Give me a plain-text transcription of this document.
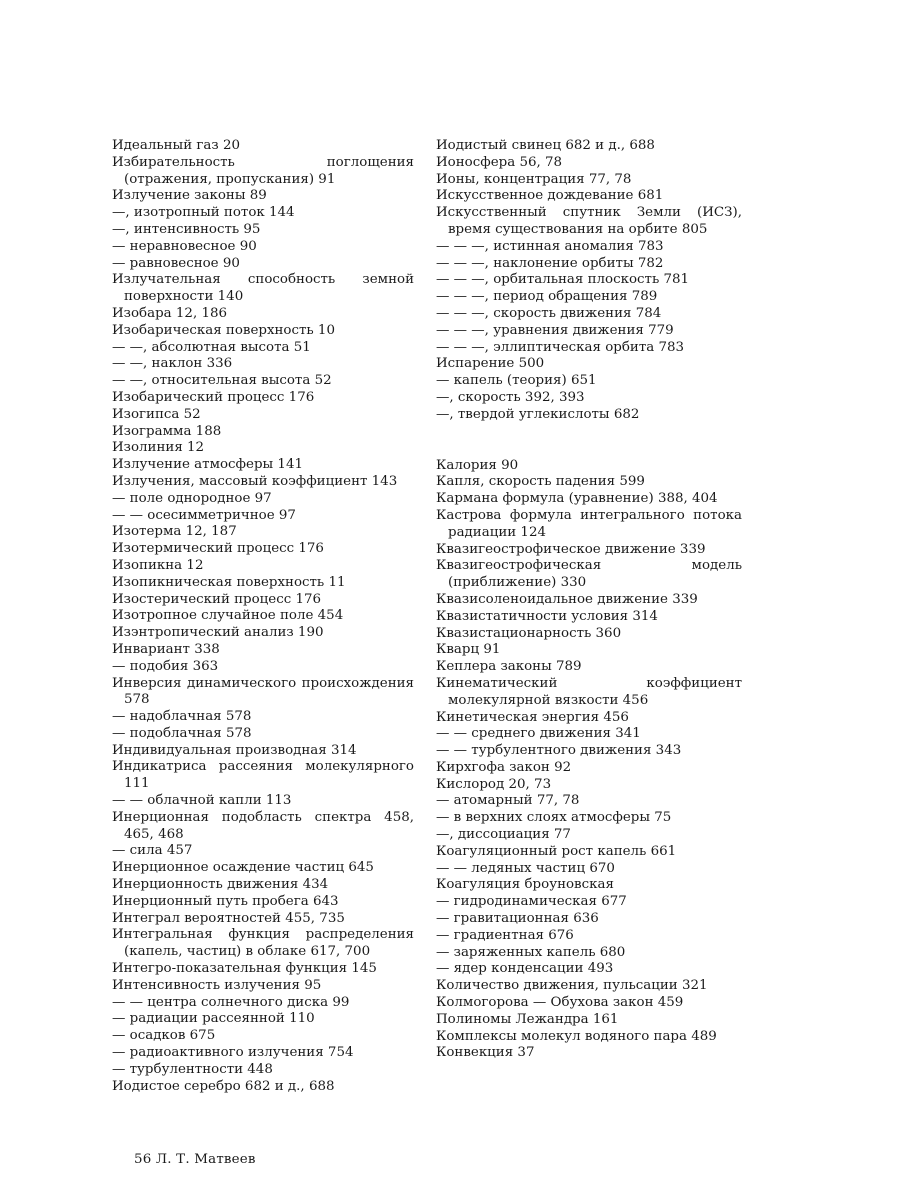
Идеальный газ 20
Избирательность поглощения (отражения, пропускания) 91
Излучение законы 89
—, изотропный поток 144
—, интенсивность 95
— неравновесное 90
— равновесное 90
Излучательная способность земной поверхности 140
Изобара 12, 186
Изобарическая поверхность 10
— —, абсолютная высота 51
— —, наклон 336
— —, относительная высота 52
Изобарический процесс 176
Изогипса 52
Изограмма 188
Изолиния 12
Излучение атмосферы 141
Излучения, массовый коэффициент 143
— поле однородное 97
— — осесимметричное 97
Изотерма 12, 187
Изотермический процесс 176
Изопикна 12
Изопикническая поверхность 11
Изостерический процесс 176
Изотропное случайное поле 454
Изэнтропический анализ 190
Инвариант 338
— подобия 363
Инверсия динамического происхождения 578
— надоблачная 578
— подоблачная 578
Индивидуальная производная 314
Индикатриса рассеяния молекулярного 111
— — облачной капли 113
Инерционная подобласть спектра 458, 465, 468
— сила 457
Инерционное осаждение частиц 645
Инерционность движения 434
Инерционный путь пробега 643
Интеграл вероятностей 455, 735
Интегральная функция распределения (капель, частиц) в облаке 617, 700
Интегро-показательная функция 145
Интенсивность излучения 95
— — центра солнечного диска 99
— радиации рассеянной 110
— осадков 675
— радиоактивного излучения 754
— турбулентности 448
Иодистое серебро 682 и д., 688
Иодистый свинец 682 и д., 688
Ионосфера 56, 78
Ионы, концентрация 77, 78
Искусственное дождевание 681
Искусственный спутник Земли (ИСЗ), время существования на орбите 805
— — —, истинная аномалия 783
— — —, наклонение орбиты 782
— — —, орбитальная плоскость 781
— — —, период обращения 789
— — —, скорость движения 784
— — —, уравнения движения 779
— — —, эллиптическая орбита 783
Испарение 500
— капель (теория) 651
—, скорость 392, 393
—, твердой углекислоты 682
Калория 90
Капля, скорость падения 599
Кармана формула (уравнение) 388, 404
Кастрова формула интегрального потока радиации 124
Квазигеострофическое движение 339
Квазигеострофическая модель (приближение) 330
Квазисоленоидальное движение 339
Квазистатичности условия 314
Квазистационарность 360
Кварц 91
Кеплера законы 789
Кинематический коэффициент молекулярной вязкости 456
Кинетическая энергия 456
— — среднего движения 341
— — турбулентного движения 343
Кирхгофа закон 92
Кислород 20, 73
— атомарный 77, 78
— в верхних слоях атмосферы 75
—, диссоциация 77
Коагуляционный рост капель 661
— — ледяных частиц 670
Коагуляция броуновская
— гидродинамическая 677
— гравитационная 636
— градиентная 676
— заряженных капель 680
— ядер конденсации 493
Количество движения, пульсации 321
Колмогорова — Обухова закон 459
Полиномы Лежандра 161
Комплексы молекул водяного пара 489
Конвекция 37
56 Л. Т. Матвеев
